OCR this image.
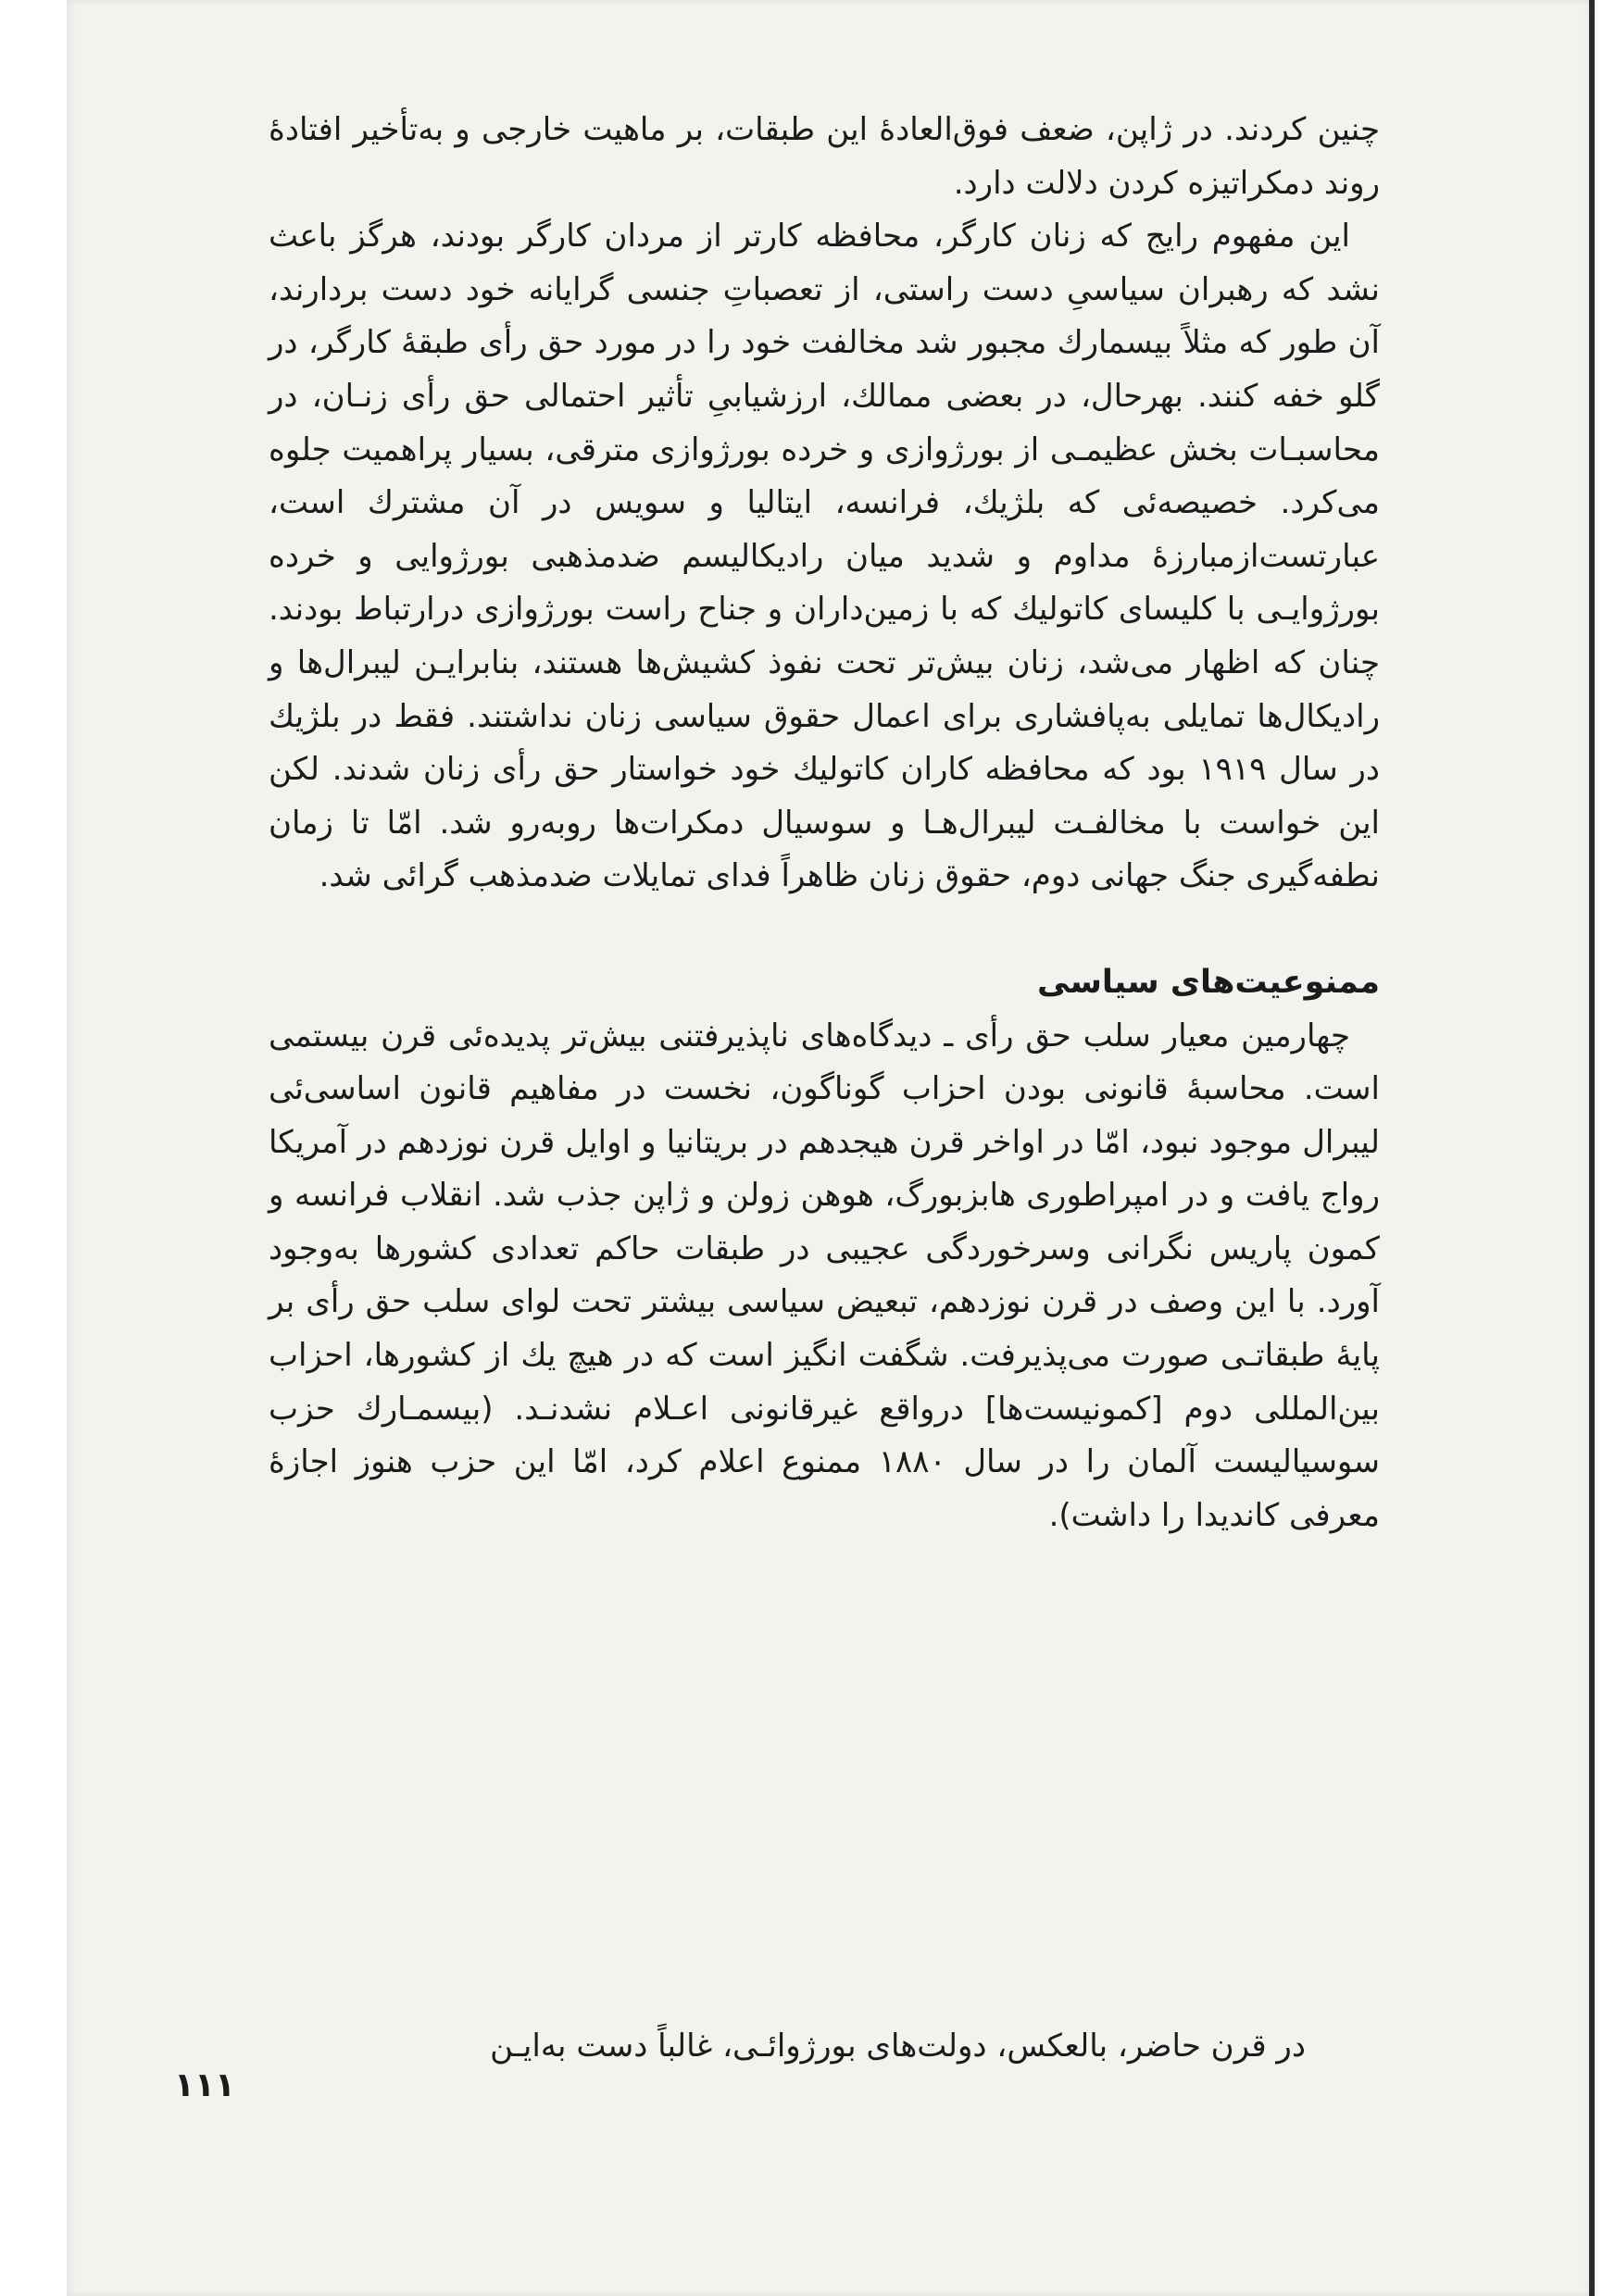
چنین کردند. در ژاپن، ضعف فوق‌العادهٔ این طبقات، بر ماهیت خارجی و به‌تأخیر افتادهٔ روند دمکراتیزه کردن دلالت دارد.

این مفهوم رایج که زنان کارگر، محافظه کارتر از مردان کارگر بودند، هرگز باعث نشد که رهبران سیاسیِ دست راستی، از تعصباتِ جنسی گرایانه خود دست بردارند، آن طور که مثلاً بیسمارك مجبور شد مخالفت خود را در مورد حق رأی طبقهٔ کارگر، در گلو خفه کنند. بهرحال، در بعضی ممالك، ارزشیابیِ تأثیر احتمالی حق رأی زنـان، در محاسبـات بخش عظیمـی از بورژوازی و خرده بورژوازی مترقی، بسیار پراهمیت جلوه می‌کرد. خصیصه‌ئی که بلژیك، فرانسه، ایتالیا و سویس در آن مشترك است، عبارتست‌ازمبارزهٔ مداوم و شدید میان رادیکالیسم ضدمذهبی بورژوایی و خرده بورژوایـی با کلیسای کاتولیك که با زمین‌داران و جناح راست بورژوازی درارتباط بودند. چنان که اظهار می‌شد، زنان بیش‌تر تحت نفوذ کشیش‌ها هستند، بنابرایـن لیبرال‌ها و رادیکال‌ها تمایلی به‌پافشاری برای اعمال حقوق سیاسی زنان نداشتند. فقط در بلژیك در سال ۱۹۱۹ بود که محافظه کاران کاتولیك خود خواستار حق رأی زنان شدند. لکن این خواست با مخالفـت لیبرال‌هـا و سوسیال دمکرات‌ها روبه‌رو شد. امّا تا زمان نطفه‌گیری جنگ جهانی دوم، حقوق زنان ظاهراً فدای تمایلات ضدمذهب گرائی شد.

ممنوعیت‌های سیاسی

چهارمین معیار سلب حق رأی ـ دیدگاه‌های ناپذیرفتنی بیش‌تر پدیده‌ئی قرن بیستمی است. محاسبهٔ قانونی بودن احزاب گوناگون، نخست در مفاهیم قانون اساسی‌ئی لیبرال موجود نبود، امّا در اواخر قرن هیجدهم در بریتانیا و اوایل قرن نوزدهم در آمریکا رواج یافت و در امپراطوری هابزبورگ، هوهن زولن و ژاپن جذب شد. انقلاب فرانسه و کمون پاریس نگرانی وسرخوردگی عجیبی در طبقات حاکم تعدادی کشورها به‌وجود آورد. با این وصف در قرن نوزدهم، تبعیض سیاسی بیشتر تحت لوای سلب حق رأی بر پایهٔ طبقاتـی صورت می‌پذیرفت. شگفت انگیز است که در هیچ یك از کشورها، احزاب بین‌المللی دوم [کمونیست‌ها] درواقع غیرقانونی اعـلام نشدنـد. (بیسمـارك حزب سوسیالیست آلمان را در سال ۱۸۸۰ ممنوع اعلام کرد، امّا این حزب هنوز اجازهٔ معرفی کاندیدا را داشت).

در قرن حاضر، بالعکس، دولت‌های بورژوائـی، غالباً دست به‌ایـن
۱۱۱
